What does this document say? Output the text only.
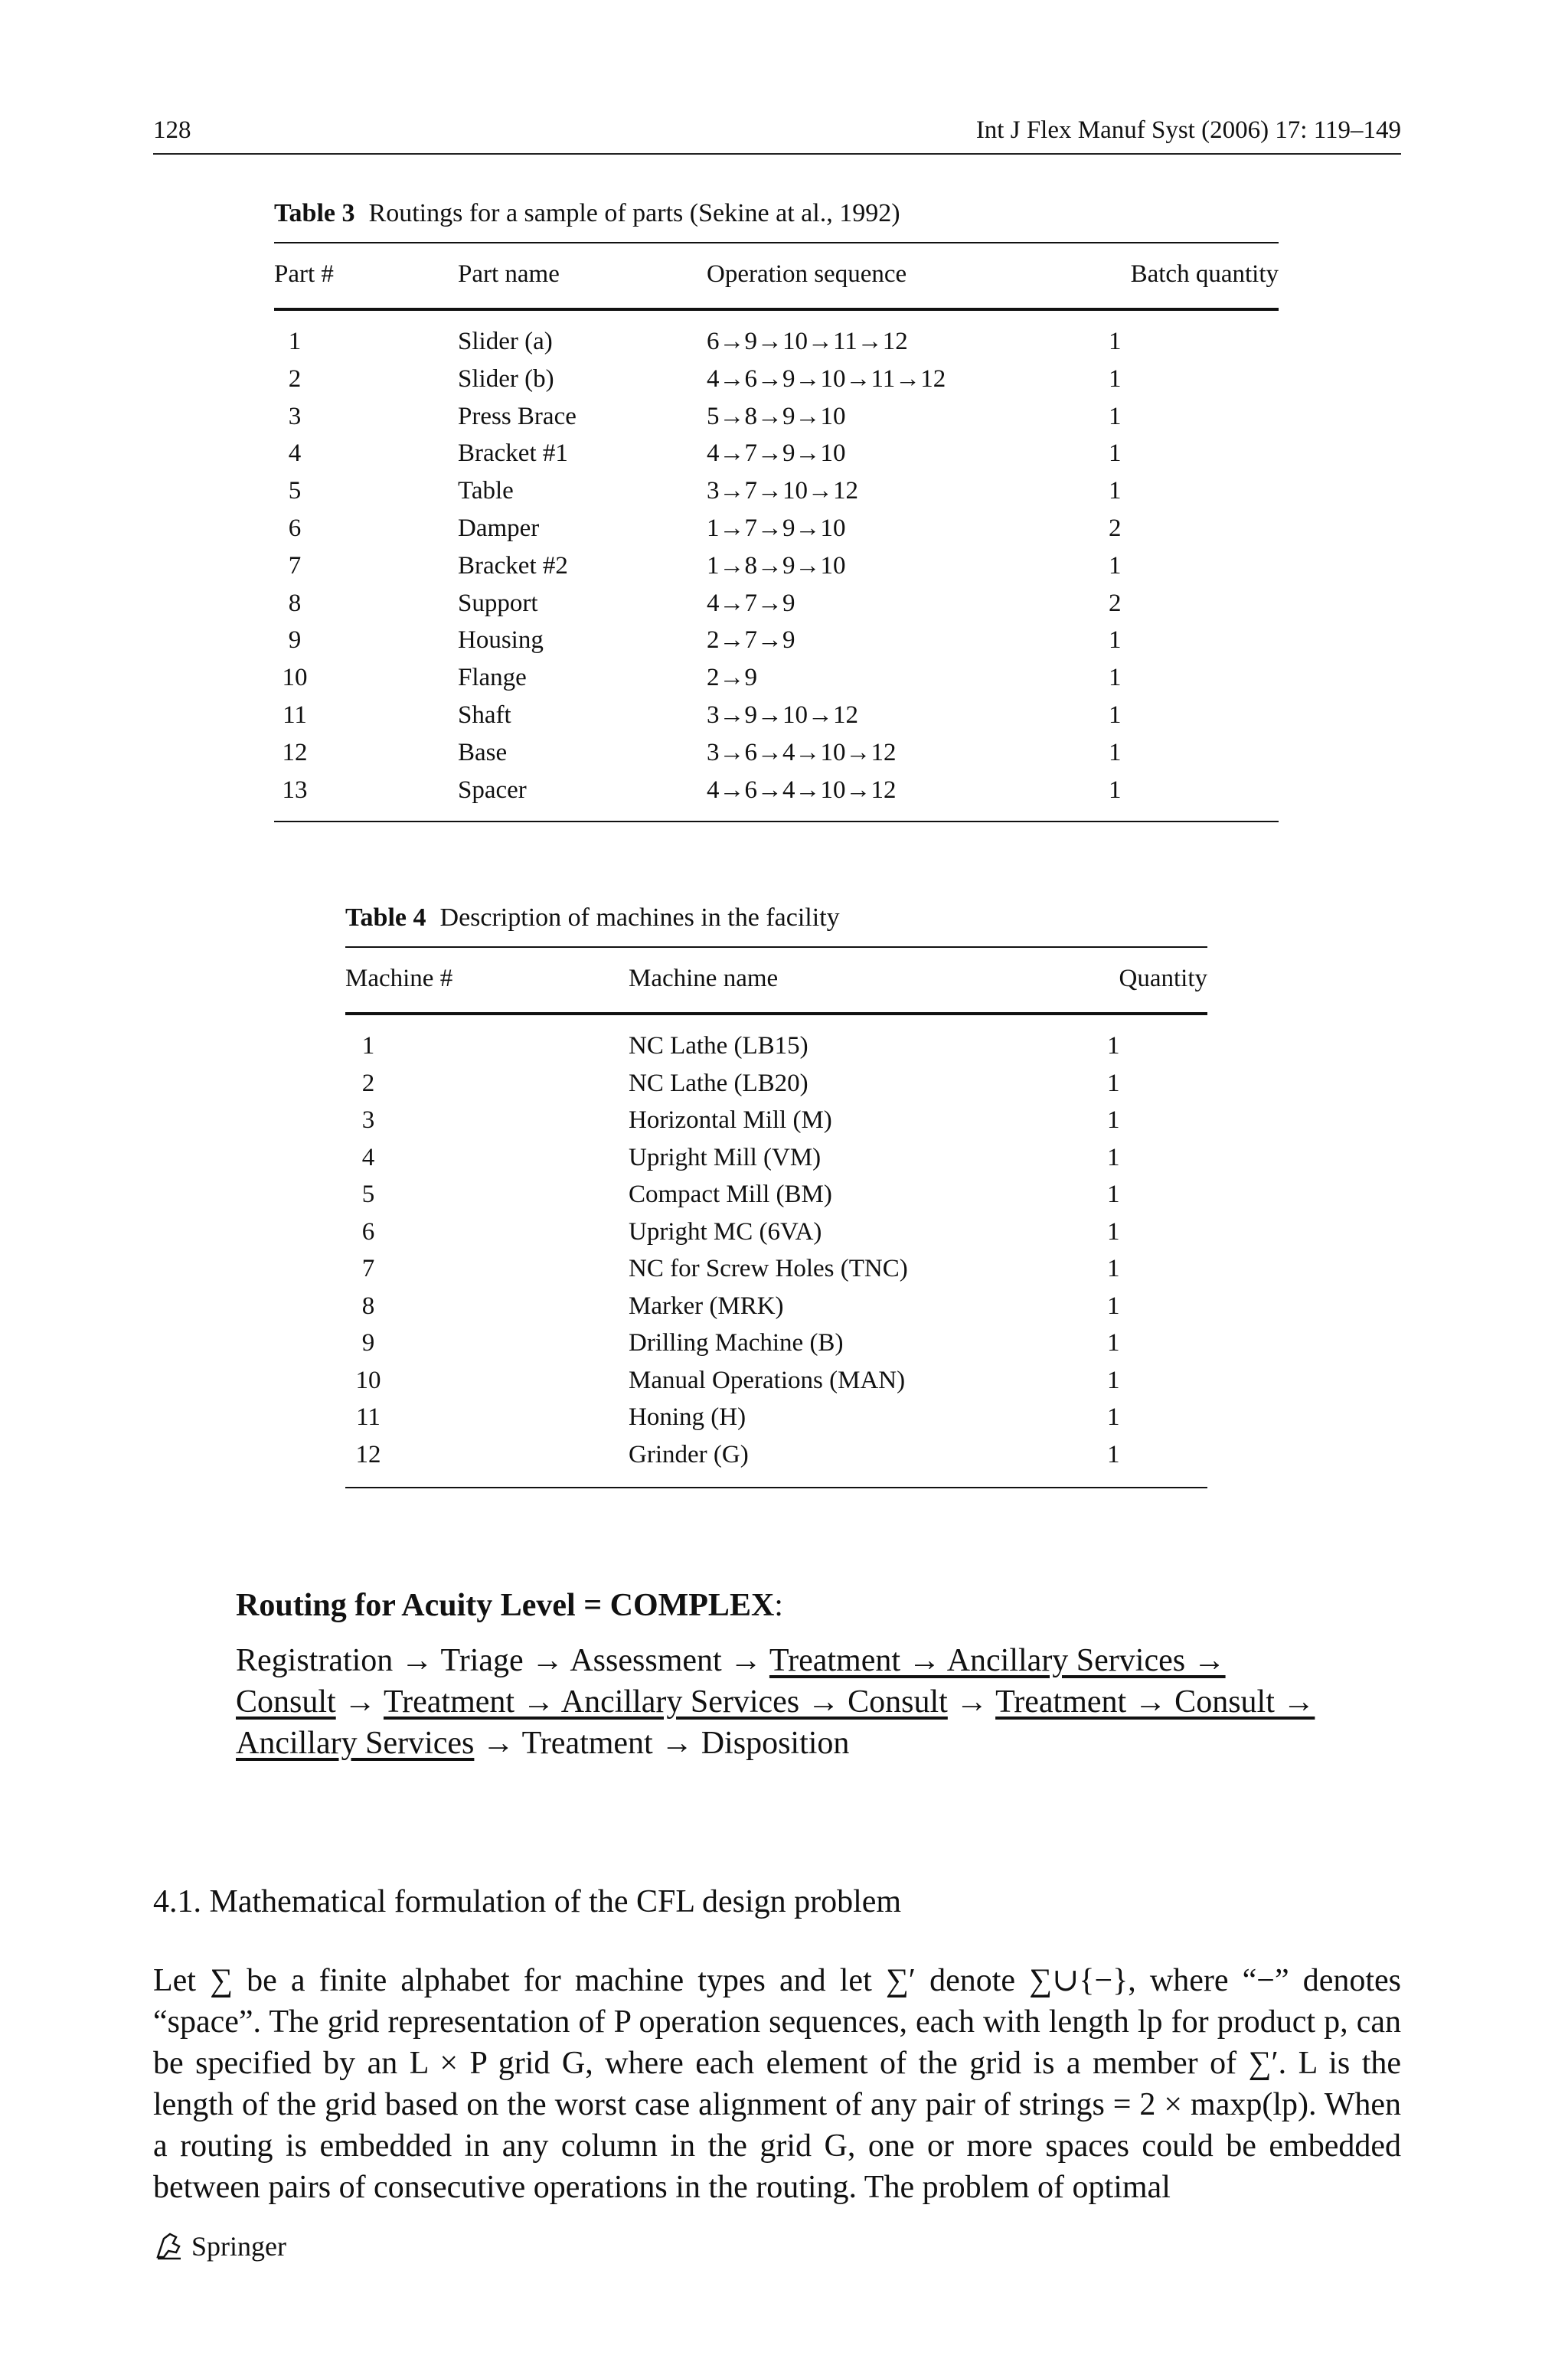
128	Int J Flex Manuf Syst (2006) 17: 119–149
Table 3 Routings for a sample of parts (Sekine at al., 1992)
Part #	Part name	Operation sequence	Batch quantity
1	Slider (a)	6→9→10→11→12	1
2	Slider (b)	4→6→9→10→11→12	1
3	Press Brace	5→8→9→10	1
4	Bracket #1	4→7→9→10	1
5	Table	3→7→10→12	1
6	Damper	1→7→9→10	2
7	Bracket #2	1→8→9→10	1
8	Support	4→7→9	2
9	Housing	2→7→9	1
10	Flange	2→9	1
11	Shaft	3→9→10→12	1
12	Base	3→6→4→10→12	1
13	Spacer	4→6→4→10→12	1
Table 4 Description of machines in the facility
Machine #	Machine name	Quantity
1	NC Lathe (LB15)	1
2	NC Lathe (LB20)	1
3	Horizontal Mill (M)	1
4	Upright Mill (VM)	1
5	Compact Mill (BM)	1
6	Upright MC (6VA)	1
7	NC for Screw Holes (TNC)	1
8	Marker (MRK)	1
9	Drilling Machine (B)	1
10	Manual Operations (MAN)	1
11	Honing (H)	1
12	Grinder (G)	1
Routing for Acuity Level = COMPLEX:
Registration → Triage → Assessment → Treatment → Ancillary Services → Consult → Treatment → Ancillary Services → Consult → Treatment → Consult → Ancillary Services → Treatment → Disposition
4.1. Mathematical formulation of the CFL design problem

Let ∑ be a finite alphabet for machine types and let ∑′ denote ∑∪{−}, where “−” denotes “space”. The grid representation of P operation sequences, each with length lp for product p, can be specified by an L × P grid G, where each element of the grid is a member of ∑′. L is the length of the grid based on the worst case alignment of any pair of strings = 2 × maxp(lp). When a routing is embedded in any column in the grid G, one or more spaces could be embedded between pairs of consecutive operations in the routing. The problem of optimal

Springer
